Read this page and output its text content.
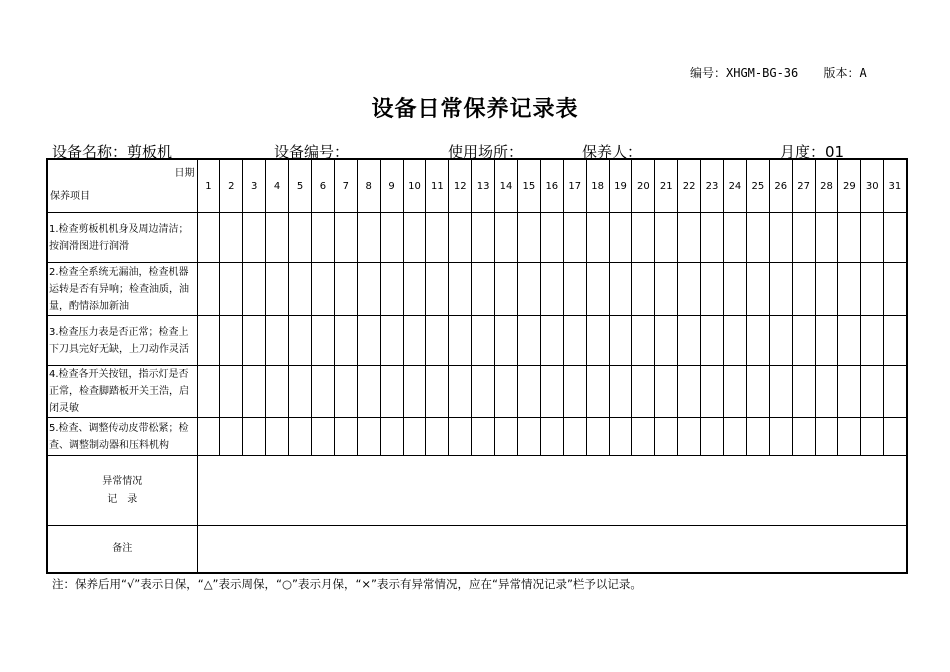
编号：XHGM-BG-36 版本：A
设备日常保养记录表
设备名称：剪板机	设备编号：	使用场所：	保养人：	月度：01
日期
保养项目	1	2	3	4	5	6	7	8	9	10	11	12	13	14	15	16	17	18	19	20	21	22	23	24	25	26	27	28	29	30	31

1.检查剪板机机身及周边清洁；
按润滑图进行润滑																															

2.检查全系统无漏油，检查机器
运转是否有异响；检查油质，油
量，酌情添加新油																															

3.检查压力表是否正常；检查上
下刀具完好无缺，上刀动作灵活																															

4.检查各开关按钮，指示灯是否
正常，检查脚踏板开关王浩，启
闭灵敏																															

5.检查、调整传动皮带松紧；检
查、调整制动器和压料机构																															

异常情况
记　录																															

备注																															
注：保养后用“√”表示日保，“△”表示周保，“○”表示月保，“×”表示有异常情况，应在“异常情况记录”栏予以记录。
